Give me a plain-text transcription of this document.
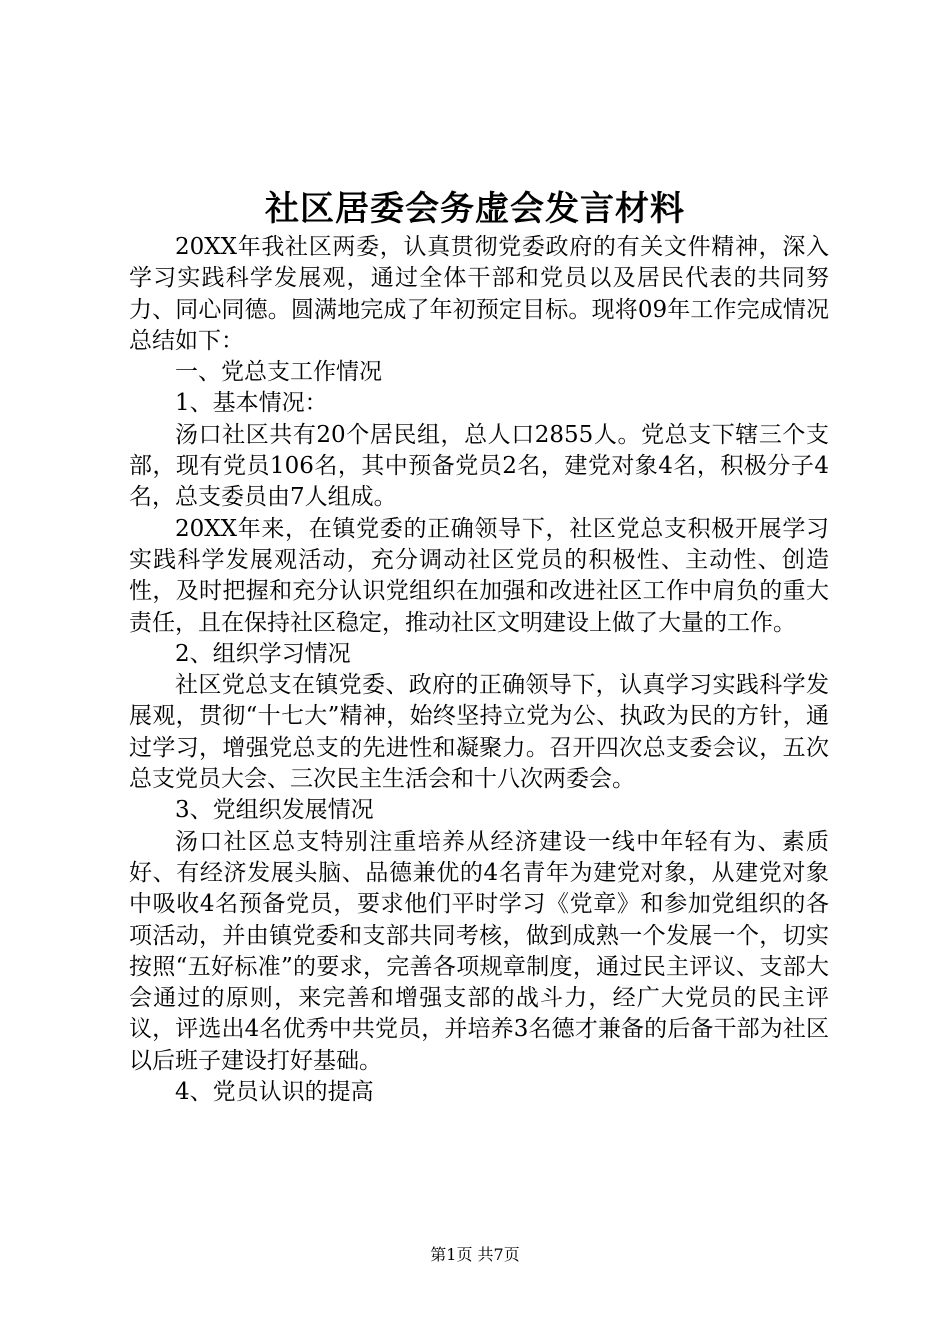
社区居委会务虚会发言材料

20XX年我社区两委，认真贯彻党委政府的有关文件精神，深入学习实践科学发展观，通过全体干部和党员以及居民代表的共同努力、同心同德。圆满地完成了年初预定目标。现将09年工作完成情况总结如下：

一、党总支工作情况

1、基本情况：

汤口社区共有20个居民组，总人口2855人。党总支下辖三个支部，现有党员106名，其中预备党员2名，建党对象4名，积极分子4名，总支委员由7人组成。

20XX年来，在镇党委的正确领导下，社区党总支积极开展学习实践科学发展观活动，充分调动社区党员的积极性、主动性、创造性，及时把握和充分认识党组织在加强和改进社区工作中肩负的重大责任，且在保持社区稳定，推动社区文明建设上做了大量的工作。

2、组织学习情况

社区党总支在镇党委、政府的正确领导下，认真学习实践科学发展观，贯彻“十七大”精神，始终坚持立党为公、执政为民的方针，通过学习，增强党总支的先进性和凝聚力。召开四次总支委会议，五次总支党员大会、三次民主生活会和十八次两委会。

3、党组织发展情况

汤口社区总支特别注重培养从经济建设一线中年轻有为、素质好、有经济发展头脑、品德兼优的4名青年为建党对象，从建党对象中吸收4名预备党员，要求他们平时学习《党章》和参加党组织的各项活动，并由镇党委和支部共同考核，做到成熟一个发展一个，切实按照“五好标准”的要求，完善各项规章制度，通过民主评议、支部大会通过的原则，来完善和增强支部的战斗力，经广大党员的民主评议，评选出4名优秀中共党员，并培养3名德才兼备的后备干部为社区以后班子建设打好基础。

4、党员认识的提高

第1页 共7页
